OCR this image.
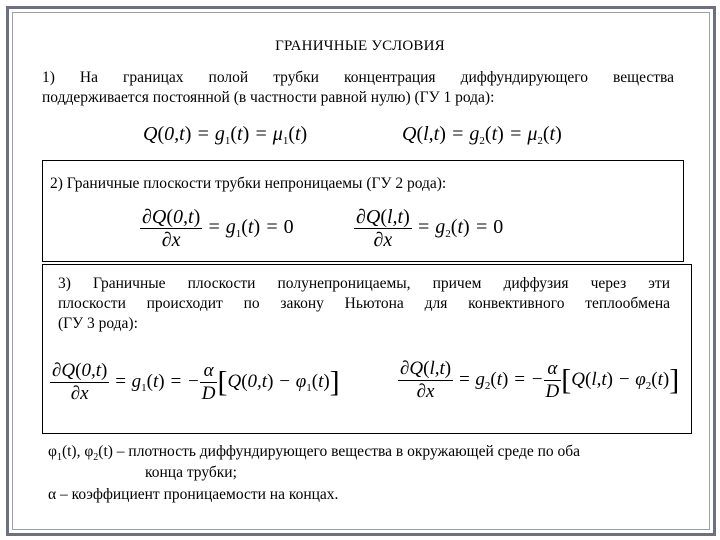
ГРАНИЧНЫЕ УСЛОВИЯ
1) На границах полой трубки концентрация диффундирующего вещества
поддерживается постоянной (в частности равной нулю) (ГУ 1 рода):
$Q(0,t) = g_1(t) = \mu_1(t)$	$Q(l,t) = g_2(t) = \mu_2(t)$
2) Граничные плоскости трубки непроницаемы (ГУ 2 рода):
$\frac{\partial Q(0,t)}{\partial x} = g_1(t) = 0$	$\frac{\partial Q(l,t)}{\partial x} = g_2(t) = 0$
3) Граничные плоскости полунепроницаемы, причем диффузия через эти
плоскости происходит по закону Ньютона для конвективного теплообмена
(ГУ 3 рода):
$\frac{\partial Q(0,t)}{\partial x} = g_1(t)$ = − $\frac{\alpha}{D} [Q(0,t) - \varphi_1(t)]$	$\frac{\partial Q(l,t)}{\partial x} = g_2(t)$ = − $\frac{\alpha}{D} [Q(l,t) - \varphi_2(t)]$
$\varphi_1(t)$, $\varphi_2(t)$ – плотность диффундирующего вещества в окружающей среде по оба
конца трубки;
α – коэффициент проницаемости на концах.
